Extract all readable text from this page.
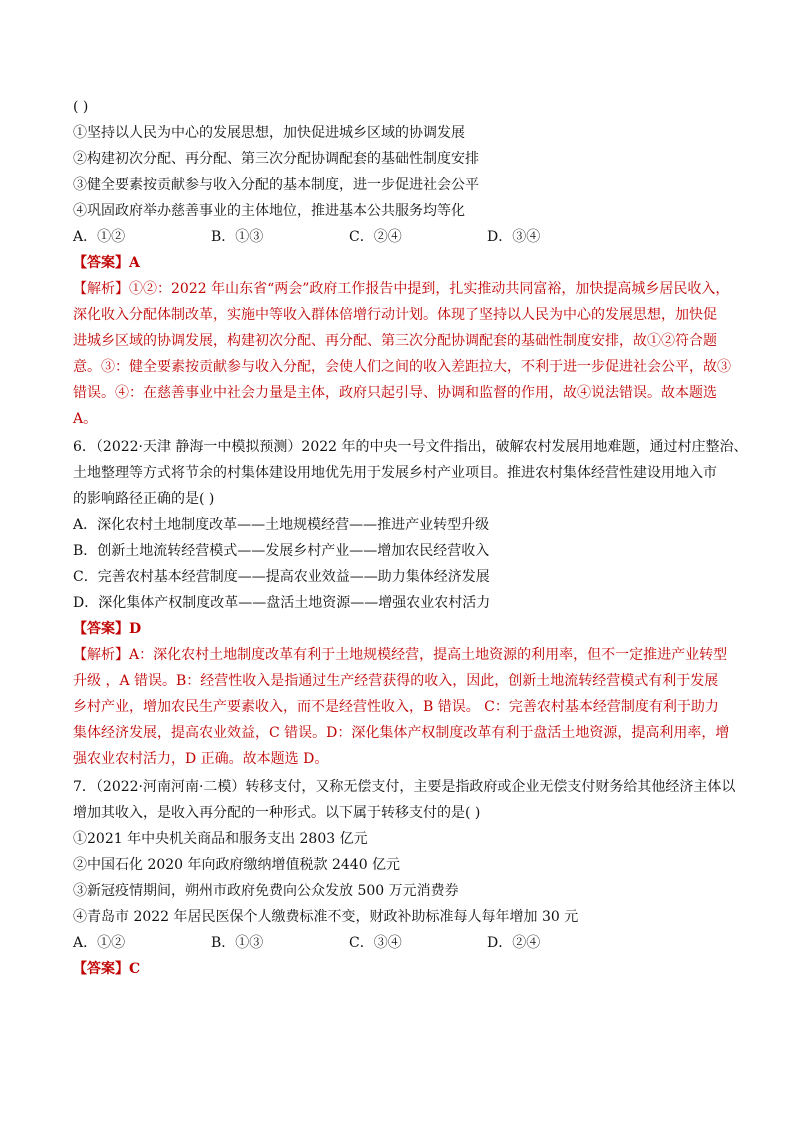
( )
①坚持以人民为中心的发展思想，加快促进城乡区域的协调发展
②构建初次分配、再分配、第三次分配协调配套的基础性制度安排
③健全要素按贡献参与收入分配的基本制度，进一步促进社会公平
④巩固政府举办慈善事业的主体地位，推进基本公共服务均等化
A．①②	B．①③	C．②④	D．③④
【答案】A
【解析】①②：2022 年山东省“两会”政府工作报告中提到，扎实推动共同富裕，加快提高城乡居民收入，
深化收入分配体制改革，实施中等收入群体倍增行动计划。体现了坚持以人民为中心的发展思想，加快促
进城乡区域的协调发展，构建初次分配、再分配、第三次分配协调配套的基础性制度安排，故①②符合题
意。③：健全要素按贡献参与收入分配，会使人们之间的收入差距拉大，不利于进一步促进社会公平，故③
错误。④：在慈善事业中社会力量是主体，政府只起引导、协调和监督的作用，故④说法错误。故本题选
A。
6．（2022·天津 静海一中模拟预测）2022 年的中央一号文件指出，破解农村发展用地难题，通过村庄整治、
土地整理等方式将节余的村集体建设用地优先用于发展乡村产业项目。推进农村集体经营性建设用地入市
的影响路径正确的是( )
A．深化农村土地制度改革——土地规模经营——推进产业转型升级
B．创新土地流转经营模式——发展乡村产业——增加农民经营收入
C．完善农村基本经营制度——提高农业效益——助力集体经济发展
D．深化集体产权制度改革——盘活土地资源——增强农业农村活力
【答案】D
【解析】A：深化农村土地制度改革有利于土地规模经营，提高土地资源的利用率，但不一定推进产业转型
升级 ，A 错误。B：经营性收入是指通过生产经营获得的收入，因此，创新土地流转经营模式有利于发展
乡村产业，增加农民生产要素收入，而不是经营性收入，B 错误。 C：完善农村基本经营制度有利于助力
集体经济发展，提高农业效益，C 错误。D：深化集体产权制度改革有利于盘活土地资源，提高利用率，增
强农业农村活力，D 正确。故本题选 D。
7．（2022·河南河南·二模）转移支付，又称无偿支付，主要是指政府或企业无偿支付财务给其他经济主体以
增加其收入，是收入再分配的一种形式。以下属于转移支付的是( )
①2021 年中央机关商品和服务支出 2803 亿元
②中国石化 2020 年向政府缴纳增值税款 2440 亿元
③新冠疫情期间，朔州市政府免费向公众发放 500 万元消费券
④青岛市 2022 年居民医保个人缴费标准不变，财政补助标准每人每年增加 30 元
A．①②	B．①③	C．③④	D．②④
【答案】C
